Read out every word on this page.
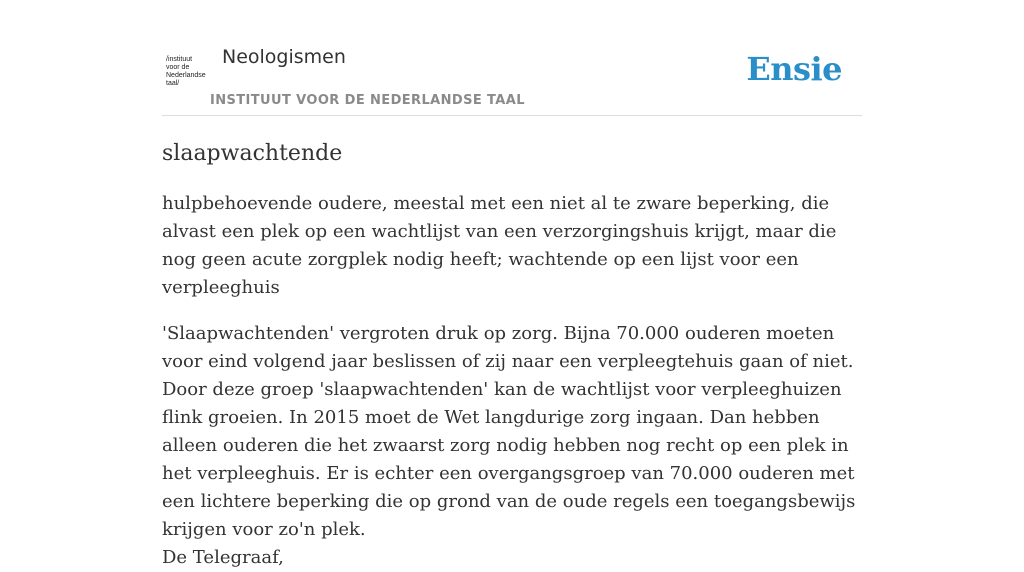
/instituut
voor de
Nederlandse
taal/
Neologismen
INSTITUUT VOOR DE NEDERLANDSE TAAL
Ensie
slaapwachtende

hulpbehoevende oudere, meestal met een niet al te zware beperking, die alvast een plek op een wachtlijst van een verzorgingshuis krijgt, maar die nog geen acute zorgplek nodig heeft; wachtende op een lijst voor een verpleeghuis

'Slaapwachtenden' vergroten druk op zorg. Bijna 70.000 ouderen moeten voor eind volgend jaar beslissen of zij naar een verpleegtehuis gaan of niet. Door deze groep 'slaapwachtenden' kan de wachtlijst voor verpleeghuizen flink groeien. In 2015 moet de Wet langdurige zorg ingaan. Dan hebben alleen ouderen die het zwaarst zorg nodig hebben nog recht op een plek in het verpleeghuis. Er is echter een overgangsgroep van 70.000 ouderen met een lichtere beperking die op grond van de oude regels een toegangsbewijs krijgen voor zo'n plek.

De Telegraaf,
